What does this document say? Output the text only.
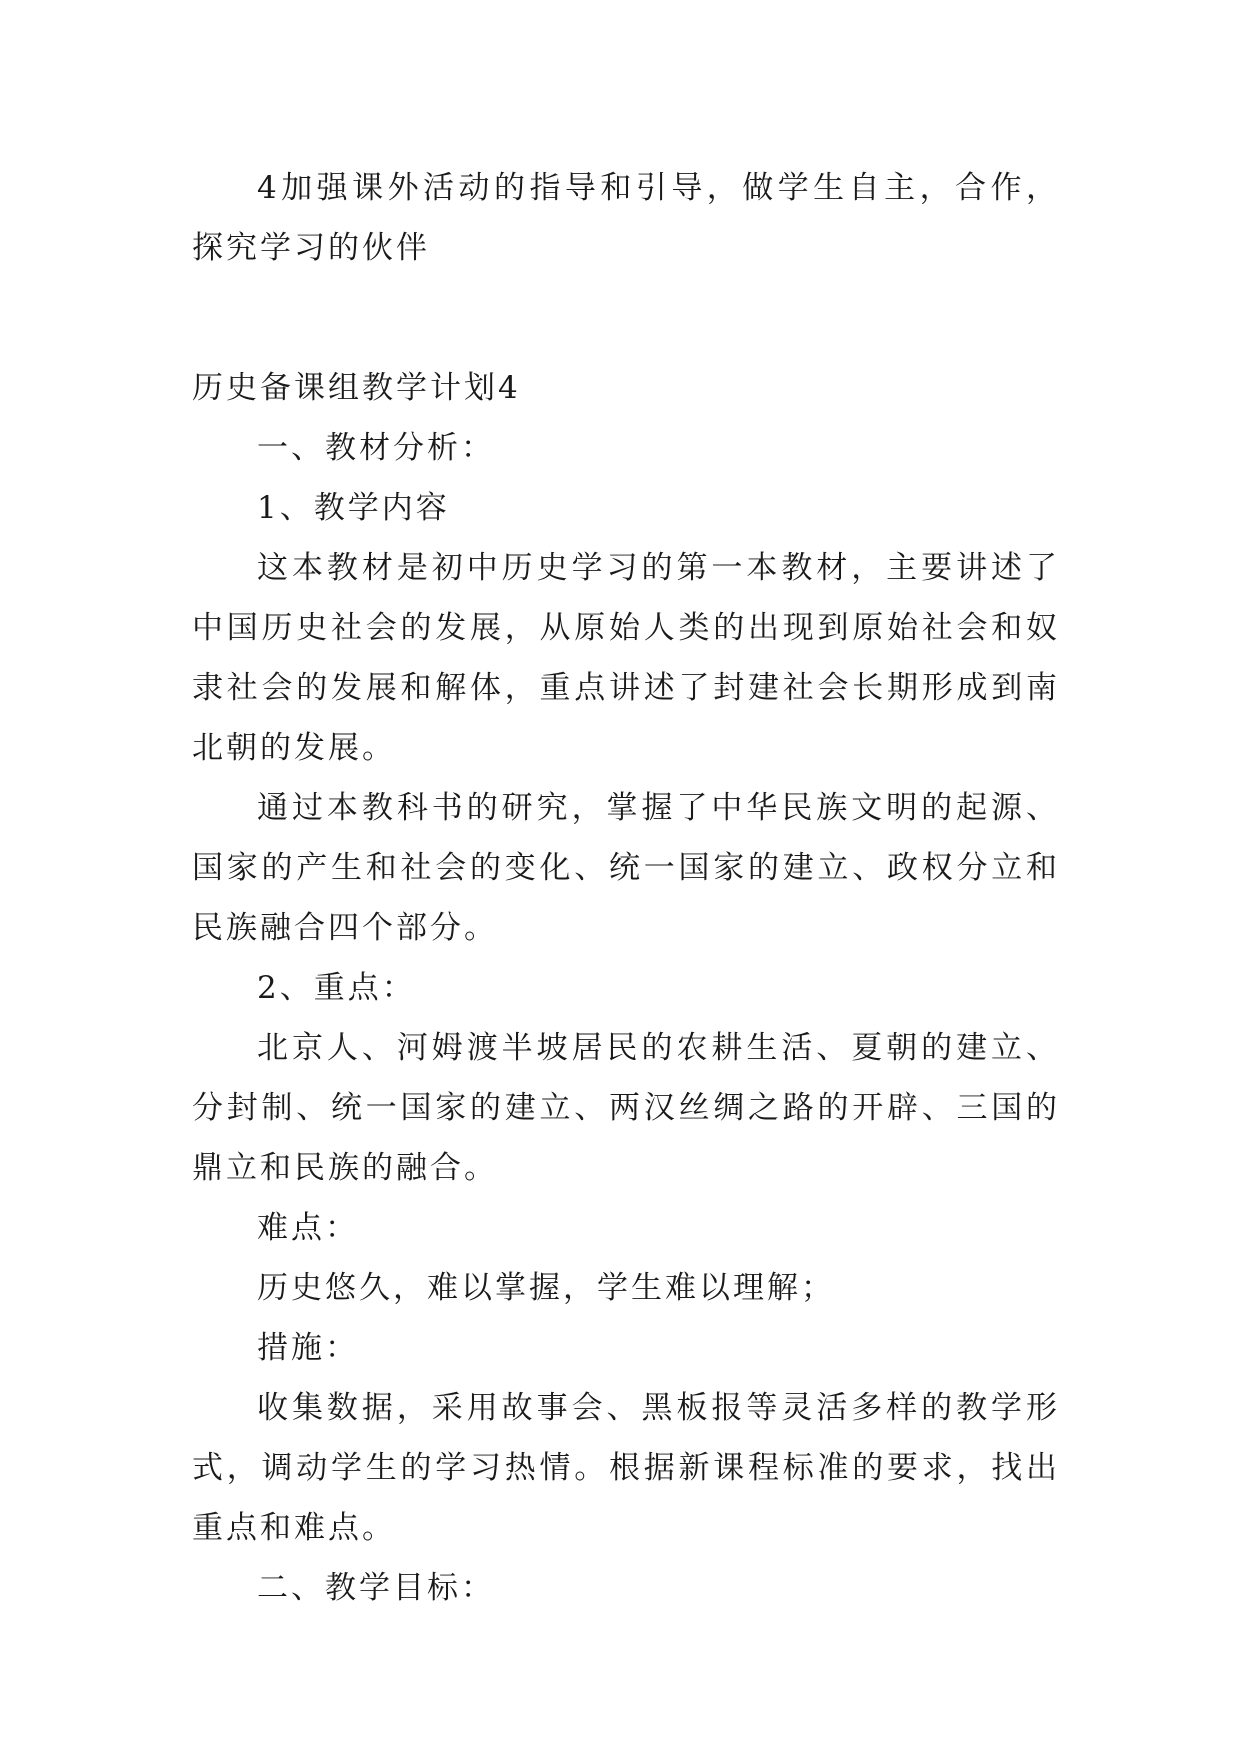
4加强课外活动的指导和引导，做学生自主，合作，探究学习的伙伴

历史备课组教学计划4

一、教材分析：

1、教学内容

这本教材是初中历史学习的第一本教材，主要讲述了中国历史社会的发展，从原始人类的出现到原始社会和奴隶社会的发展和解体，重点讲述了封建社会长期形成到南北朝的发展。

通过本教科书的研究，掌握了中华民族文明的起源、国家的产生和社会的变化、统一国家的建立、政权分立和民族融合四个部分。

2、重点：

北京人、河姆渡半坡居民的农耕生活、夏朝的建立、分封制、统一国家的建立、两汉丝绸之路的开辟、三国的鼎立和民族的融合。

难点：

历史悠久，难以掌握，学生难以理解；

措施：

收集数据，采用故事会、黑板报等灵活多样的教学形式，调动学生的学习热情。根据新课程标准的要求，找出重点和难点。

二、教学目标：
